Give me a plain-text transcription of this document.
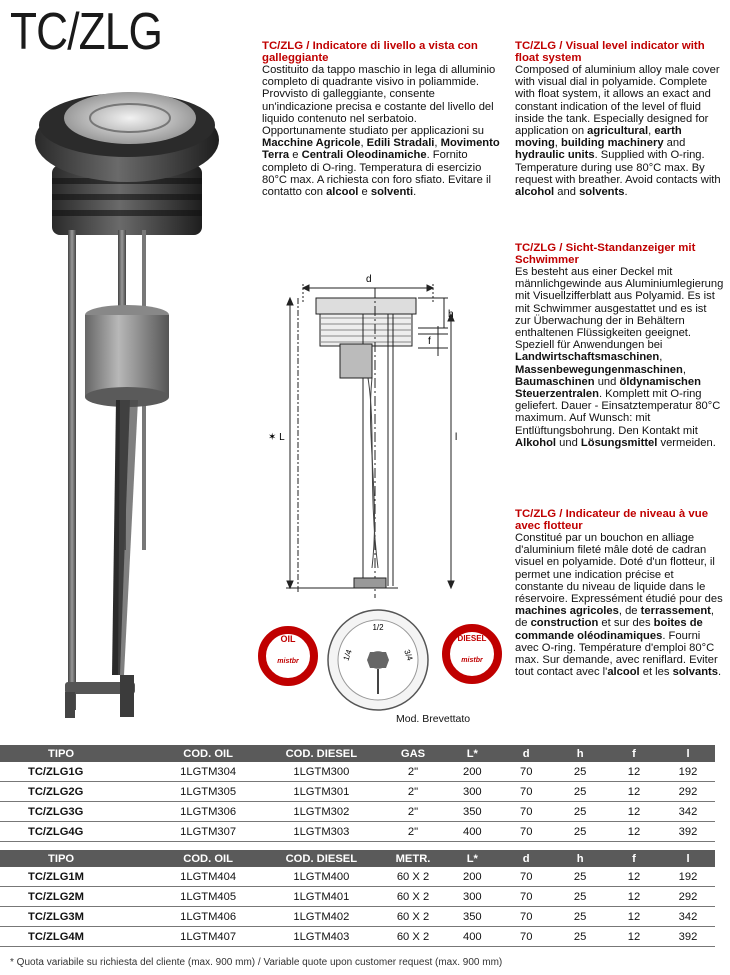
TC/ZLG	TC/ZLG / Indicatore di livello a vista con galleggiante
Costituito da tappo maschio in lega di alluminio completo di quadrante visivo in poliammide. Provvisto di galleggiante, consente un'indicazione precisa e costante del livello del liquido contenuto nel serbatoio. Opportunamente studiato per applicazioni su Macchine Agricole, Edili Stradali, Movimento Terra e Centrali Oleodinamiche. Fornito completo di O-ring. Temperatura di esercizio 80°C max. A richiesta con foro sfiato. Evitare il contatto con alcool e solventi.
TC/ZLG / Visual level indicator with float system
Composed of aluminium alloy male cover with visual dial in polyamide. Complete with float system, it allows an exact and constant indication of the level of fluid inside the tank. Especially designed for application on agricultural, earth moving, building machinery and hydraulic units. Supplied with O-ring. Temperature during use 80°C max. By request with breather. Avoid contacts with alcohol and solvents.
TC/ZLG / Sicht-Standanzeiger mit Schwimmer
Es besteht aus einer Deckel mit männlichgewinde aus Aluminiumlegierung mit Visuellzifferblatt aus Polyamid. Es ist mit Schwimmer ausgestattet und es ist zur Überwachung der in Behältern enthaltenen Flüssigkeiten geeignet. Speziell für Anwendungen bei Landwirtschaftsmaschinen, Massenbewegungenmaschinen, Baumaschinen und öldynamischen Steuerzentralen. Komplett mit O-ring geliefert. Dauer - Einsatztemperatur 80°C maximum. Auf Wunsch: mit Entlüftungsbohrung. Den Kontakt mit Alkohol und Lösungsmittel vermeiden.
TC/ZLG / Indicateur de niveau à vue avec flotteur
Constitué par un bouchon en alliage d'aluminium fileté mâle doté de cadran visuel en polyamide. Doté d'un flotteur, il permet une indication précise et constante du niveau de liquide dans le réservoire. Expressément étudié pour des machines agricoles, de terrassement, de construction et sur des boites de commande oléodinamiques. Fourni avec O-ring. Température d'emploi 80°C max. Sur demande, avec reniflard. Eviter tout contact avec l'alcool et les solvants.
d
h
f
✶ L	l
OIL
mistbr
1/2
1/4	3/4
DIESEL
mistbr
Mod. Brevettato
TIPO	COD. OIL	COD. DIESEL	GAS	L*	d	h	f	l
TC/ZLG1G	1LGTM304	1LGTM300	2"	200	70	25	12	192
TC/ZLG2G	1LGTM305	1LGTM301	2"	300	70	25	12	292
TC/ZLG3G	1LGTM306	1LGTM302	2"	350	70	25	12	342
TC/ZLG4G	1LGTM307	1LGTM303	2"	400	70	25	12	392
TIPO	COD. OIL	COD. DIESEL	METR.	L*	d	h	f	l
TC/ZLG1M	1LGTM404	1LGTM400	60 X 2	200	70	25	12	192
TC/ZLG2M	1LGTM405	1LGTM401	60 X 2	300	70	25	12	292
TC/ZLG3M	1LGTM406	1LGTM402	60 X 2	350	70	25	12	342
TC/ZLG4M	1LGTM407	1LGTM403	60 X 2	400	70	25	12	392
* Quota variabile su richiesta del cliente (max. 900 mm) / Variable quote upon customer request (max. 900 mm)
